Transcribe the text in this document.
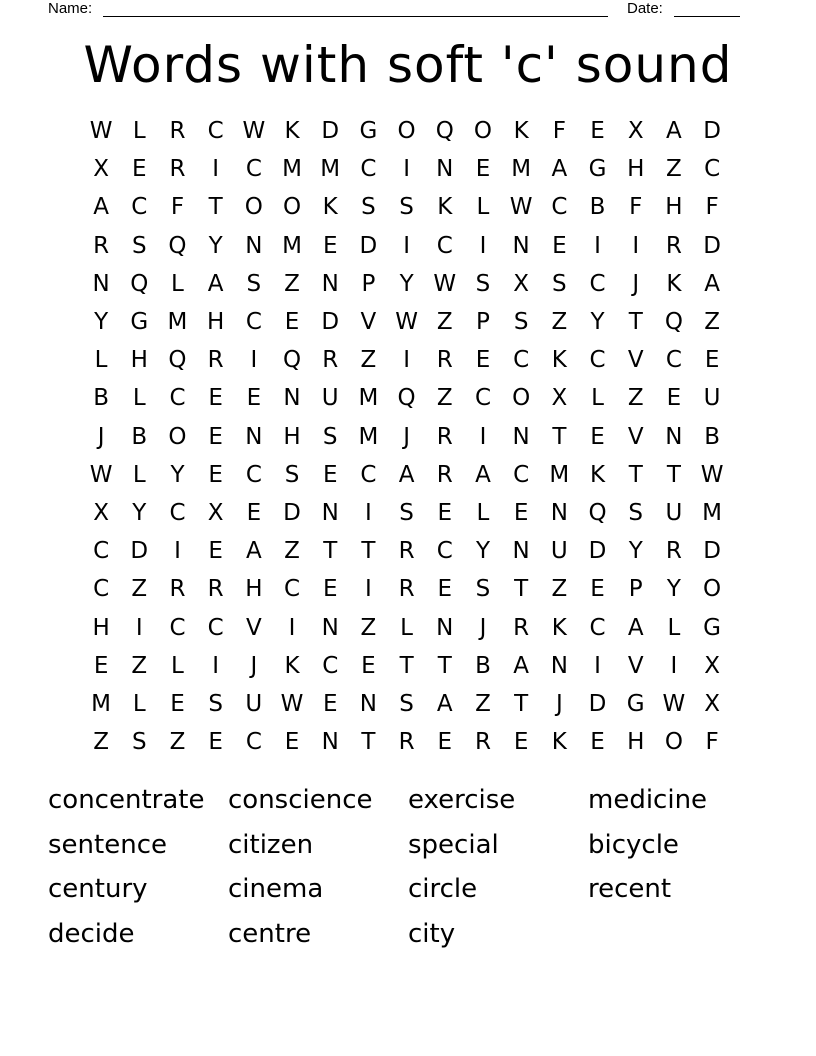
Name:	Date:
Words with soft 'c' sound
W L	R C W K D G O Q O K	F	E	X A D
X	E R	I	C M M C	I	N E M A G H Z C
A C	F	T O O K	S	S	K	L W C B	F H F
R S Q Y N M E D	I	C	I	N E	I	I	R D
N Q L	A	S	Z N P	Y W S	X	S C	J	K A
Y G M H C E D V W Z	P	S	Z	Y	T Q Z
L	H Q R	I	Q R Z	I	R E C K C V C E
B	L	C E	E N U M Q Z C O X	L	Z	E U
J	B O E N H S M	J	R	I	N T	E	V N B
W L	Y	E C S	E C A R A C M K	T	T W
X	Y	C X	E D N	I	S	E	L	E N Q S U M
C D	I	E	A Z	T	T	R C	Y N U D Y	R D
C Z R R H C E	I	R E	S	T	Z	E	P	Y O
H	I	C C V	I	N Z	L	N	J	R K C A	L G
E	Z	L	I	J	K C E	T	T	B A N	I	V	I	X
M L	E	S U W E N S	A Z	T	J	D G W X
Z	S	Z	E C E N T	R E R E	K	E H O F
concentrate conscience	exercise	medicine
sentence	citizen	special	bicycle
century	cinema	circle	recent
decide	centre	city
